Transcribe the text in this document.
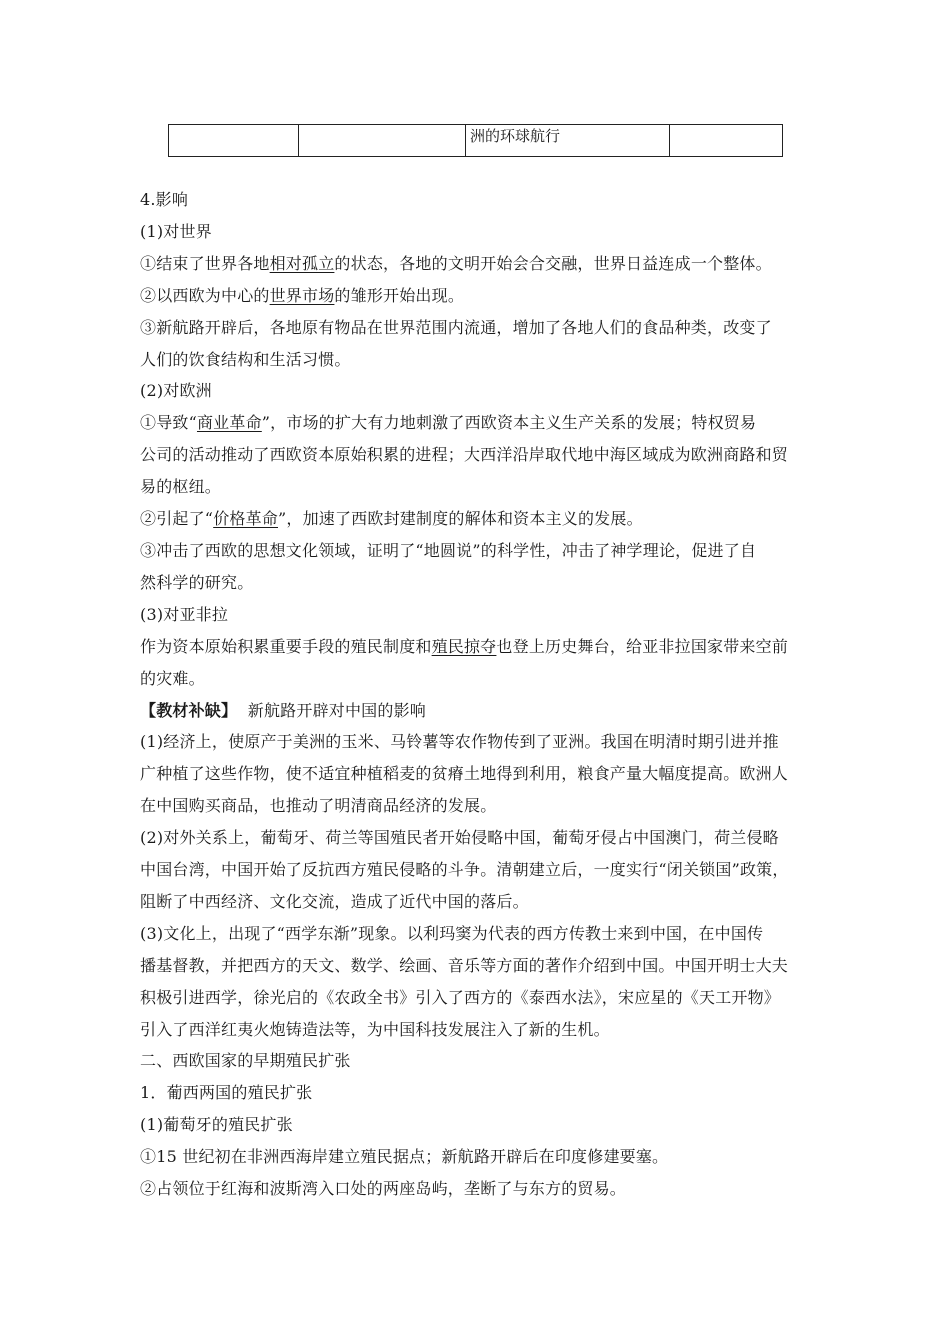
		洲的环球航行	
4.影响
(1)对世界
①结束了世界各地相对孤立的状态，各地的文明开始会合交融，世界日益连成一个整体。
②以西欧为中心的世界市场的雏形开始出现。
③新航路开辟后，各地原有物品在世界范围内流通，增加了各地人们的食品种类，改变了
人们的饮食结构和生活习惯。
(2)对欧洲
①导致“商业革命”，市场的扩大有力地刺激了西欧资本主义生产关系的发展；特权贸易
公司的活动推动了西欧资本原始积累的进程；大西洋沿岸取代地中海区域成为欧洲商路和贸
易的枢纽。
②引起了“价格革命”，加速了西欧封建制度的解体和资本主义的发展。
③冲击了西欧的思想文化领域，证明了“地圆说”的科学性，冲击了神学理论，促进了自
然科学的研究。
(3)对亚非拉
作为资本原始积累重要手段的殖民制度和殖民掠夺也登上历史舞台，给亚非拉国家带来空前
的灾难。
【教材补缺】 新航路开辟对中国的影响
(1)经济上，使原产于美洲的玉米、马铃薯等农作物传到了亚洲。我国在明清时期引进并推
广种植了这些作物，使不适宜种植稻麦的贫瘠土地得到利用，粮食产量大幅度提高。欧洲人
在中国购买商品，也推动了明清商品经济的发展。
(2)对外关系上，葡萄牙、荷兰等国殖民者开始侵略中国，葡萄牙侵占中国澳门，荷兰侵略
中国台湾，中国开始了反抗西方殖民侵略的斗争。清朝建立后，一度实行“闭关锁国”政策，
阻断了中西经济、文化交流，造成了近代中国的落后。
(3)文化上，出现了“西学东渐”现象。以利玛窦为代表的西方传教士来到中国，在中国传
播基督教，并把西方的天文、数学、绘画、音乐等方面的著作介绍到中国。中国开明士大夫
积极引进西学，徐光启的《农政全书》引入了西方的《泰西水法》，宋应星的《天工开物》
引入了西洋红夷火炮铸造法等，为中国科技发展注入了新的生机。
二、西欧国家的早期殖民扩张
1．葡西两国的殖民扩张
(1)葡萄牙的殖民扩张
①15 世纪初在非洲西海岸建立殖民据点；新航路开辟后在印度修建要塞。
②占领位于红海和波斯湾入口处的两座岛屿，垄断了与东方的贸易。
